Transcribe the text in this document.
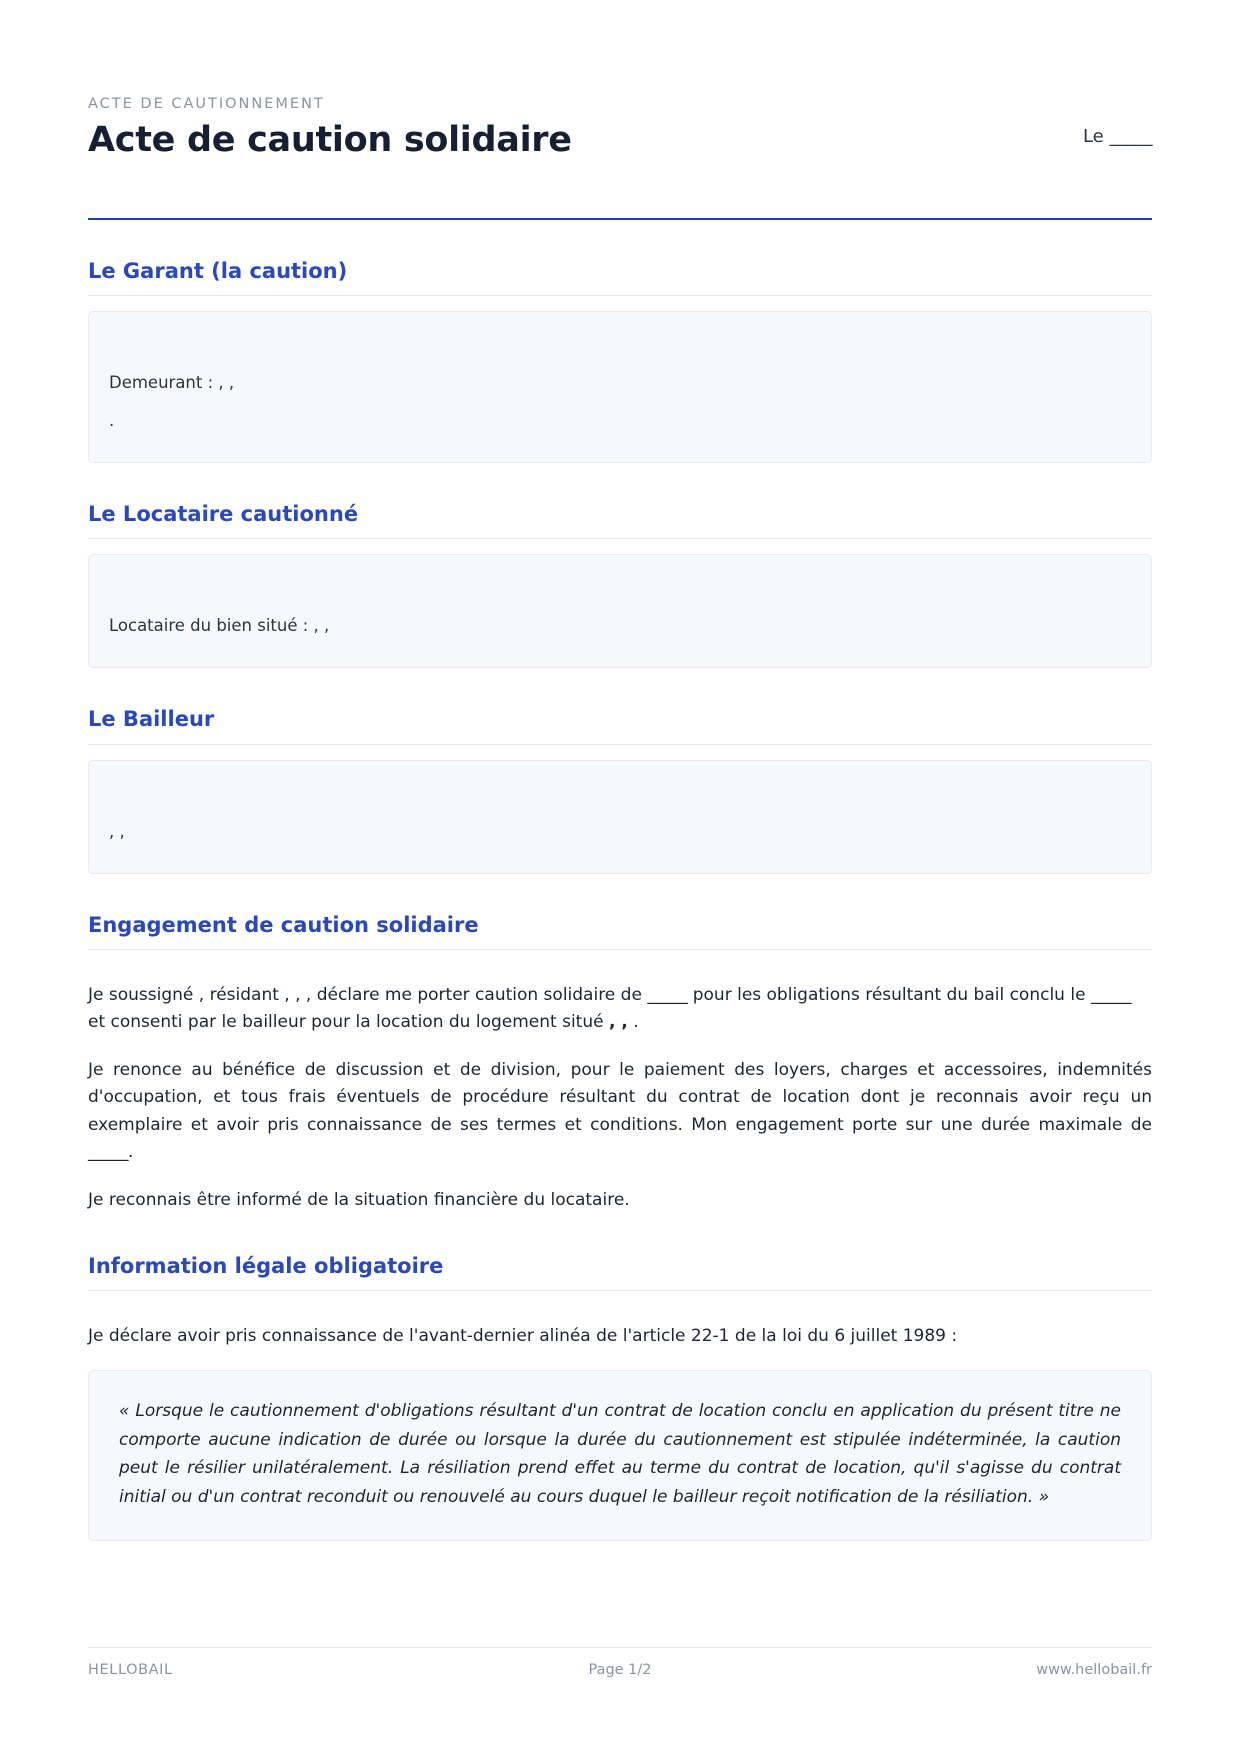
ACTE DE CAUTIONNEMENT
Acte de caution solidaire	Le _____
Le Garant (la caution)
Demeurant : , ,
.
Le Locataire cautionné
Locataire du bien situé : , ,
Le Bailleur
, ,
Engagement de caution solidaire

Je soussigné , résidant , , , déclare me porter caution solidaire de _____ pour les obligations résultant du bail conclu le _____ et consenti par le bailleur pour la location du logement situé , , .

Je renonce au bénéfice de discussion et de division, pour le paiement des loyers, charges et accessoires, indemnités d'occupation, et tous frais éventuels de procédure résultant du contrat de location dont je reconnais avoir reçu un exemplaire et avoir pris connaissance de ses termes et conditions. Mon engagement porte sur une durée maximale de _____.

Je reconnais être informé de la situation financière du locataire.

Information légale obligatoire

Je déclare avoir pris connaissance de l'avant-dernier alinéa de l'article 22-1 de la loi du 6 juillet 1989 :

« Lorsque le cautionnement d'obligations résultant d'un contrat de location conclu en application du présent titre ne comporte aucune indication de durée ou lorsque la durée du cautionnement est stipulée indéterminée, la caution peut le résilier unilatéralement. La résiliation prend effet au terme du contrat de location, qu'il s'agisse du contrat initial ou d'un contrat reconduit ou renouvelé au cours duquel le bailleur reçoit notification de la résiliation. »

HELLOBAIL	Page 1/2	www.hellobail.fr
